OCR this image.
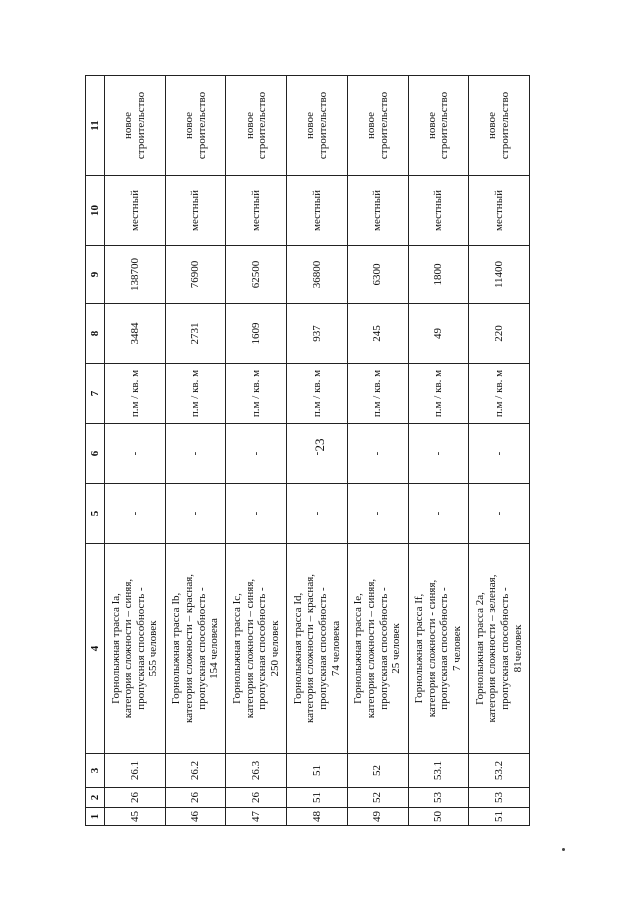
23
1	2	3	4	5	6	7	8	9	10	11
45	26	26.1	Горнолыжная трасса Ia, категория сложности – синяя, пропускная способность - 555 человек	-	-	п.м / кв. м	3484	138700	местный	новое строительство
46	26	26.2	Горнолыжная трасса Ib, категория сложности – красная, пропускная способность - 154 человека	-	-	п.м / кв. м	2731	76900	местный	новое строительство
47	26	26.3	Горнолыжная трасса Ic, категория сложности – синяя, пропускная способность - 250 человек	-	-	п.м / кв. м	1609	62500	местный	новое строительство
48	51	51	Горнолыжная трасса Id, категория сложности – красная, пропускная способность - 74 человека	-	-	п.м / кв. м	937	36800	местный	новое строительство
49	52	52	Горнолыжная трасса Ie, категория сложности – синяя, пропускная способность - 25 человек	-	-	п.м / кв. м	245	6300	местный	новое строительство
50	53	53.1	Горнолыжная трасса If, категория сложности - синяя, пропускная способность - 7 человек	-	-	п.м / кв. м	49	1800	местный	новое строительство
51	53	53.2	Горнолыжная трасса 2a, категория сложности – зеленая, пропускная способность - 81человек	-	-	п.м / кв. м	220	11400	местный	новое строительство
